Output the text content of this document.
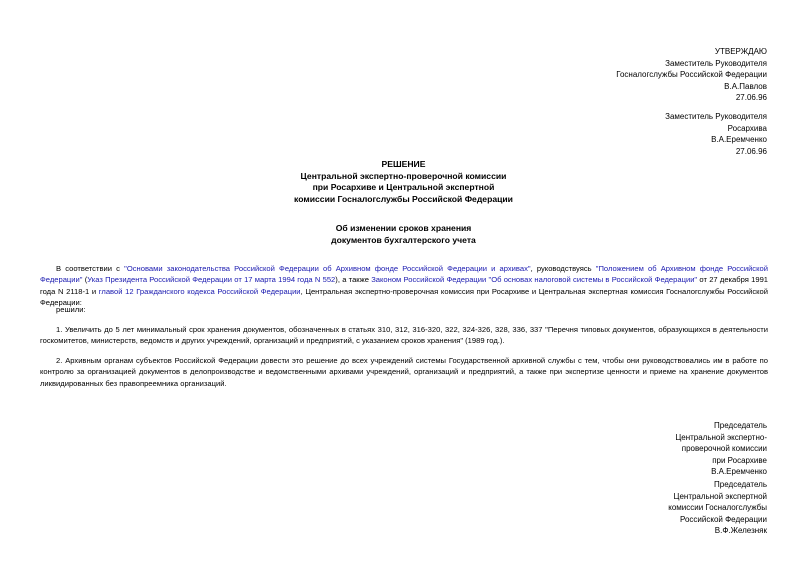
УТВЕРЖДАЮ
Заместитель Руководителя
Госналогслужбы Российской Федерации
В.А.Павлов
27.06.96
Заместитель Руководителя
Росархива
В.А.Еремченко
27.06.96
РЕШЕНИЕ
Центральной экспертно-проверочной комиссии
при Росархиве и Центральной экспертной
комиссии Госналогслужбы Российской Федерации
Об изменении сроков хранения
документов бухгалтерского учета
В соответствии с "Основами законодательства Российской Федерации об Архивном фонде Российской Федерации и архивах", руководствуясь "Положением об Архивном фонде Российской Федерации" (Указ Президента Российской Федерации от 17 марта 1994 года N 552), а также Законом Российской Федерации "Об основах налоговой системы в Российской Федерации" от 27 декабря 1991 года N 2118-1 и главой 12 Гражданского кодекса Российской Федерации, Центральная экспертно-проверочная комиссия при Росархиве и Центральная экспертная комиссия Госналогслужбы Российской Федерации:
решили:
1. Увеличить до 5 лет минимальный срок хранения документов, обозначенных в статьях 310, 312, 316-320, 322, 324-326, 328, 336, 337 "Перечня типовых документов, образующихся в деятельности госкомитетов, министерств, ведомств и других учреждений, организаций и предприятий, с указанием сроков хранения" (1989 год.).
2. Архивным органам субъектов Российской Федерации довести это решение до всех учреждений системы Государственной архивной службы с тем, чтобы они руководствовались им в работе по контролю за организацией документов в делопроизводстве и ведомственными архивами учреждений, организаций и предприятий, а также при экспертизе ценности и приеме на хранение документов ликвидированных без правопреемника организаций.
Председатель
Центральной экспертно-
проверочной комиссии
при Росархиве
В.А.Еремченко
Председатель
Центральной экспертной
комиссии Госналогслужбы
Российской Федерации
В.Ф.Железняк
